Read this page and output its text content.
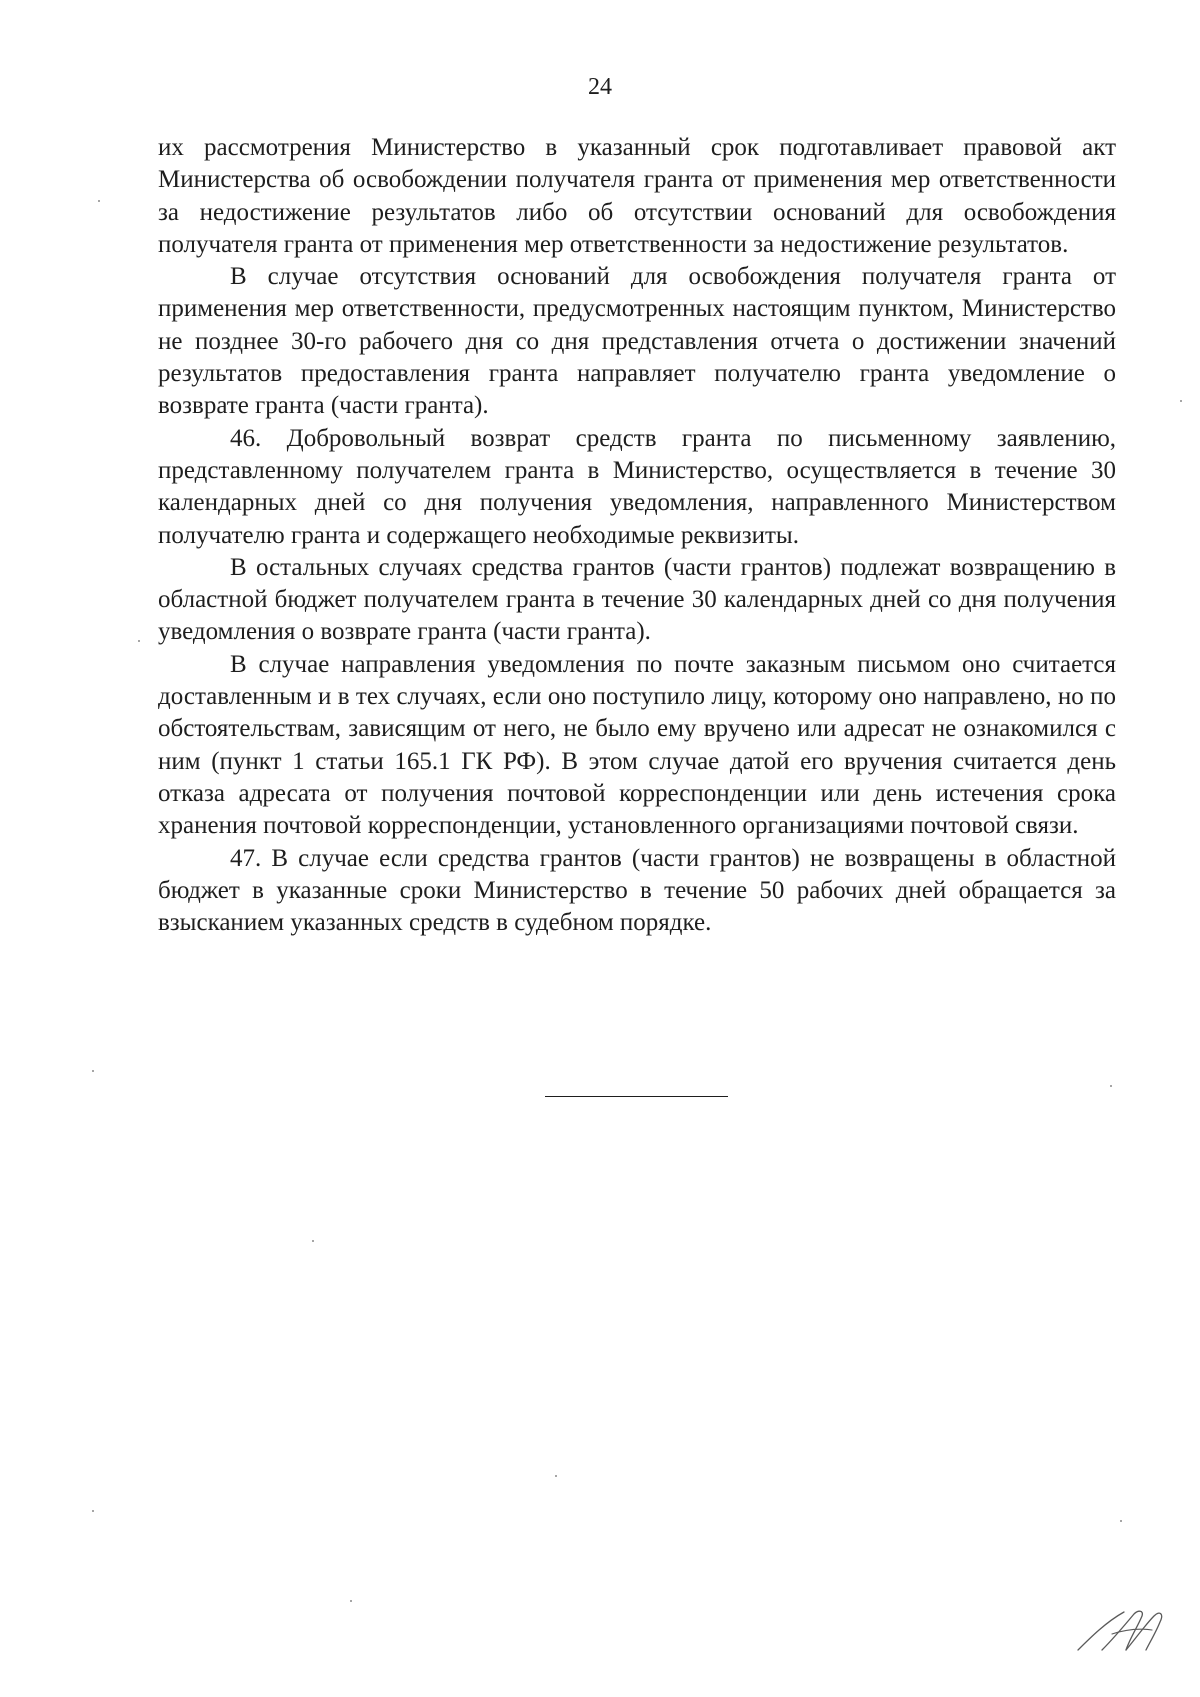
24

их рассмотрения Министерство в указанный срок подготавливает правовой акт Министерства об освобождении получателя гранта от применения мер ответственности за недостижение результатов либо об отсутствии оснований для освобождения получателя гранта от применения мер ответственности за недостижение результатов.

В случае отсутствия оснований для освобождения получателя гранта от применения мер ответственности, предусмотренных настоящим пунктом, Министерство не позднее 30-го рабочего дня со дня представления отчета о достижении значений результатов предоставления гранта направляет получателю гранта уведомление о возврате гранта (части гранта).

46. Добровольный возврат средств гранта по письменному заявлению, представленному получателем гранта в Министерство, осуществляется в течение 30 календарных дней со дня получения уведомления, направленного Министерством получателю гранта и содержащего необходимые реквизиты.

В остальных случаях средства грантов (части грантов) подлежат возвращению в областной бюджет получателем гранта в течение 30 календарных дней со дня получения уведомления о возврате гранта (части гранта).

В случае направления уведомления по почте заказным письмом оно считается доставленным и в тех случаях, если оно поступило лицу, которому оно направлено, но по обстоятельствам, зависящим от него, не было ему вручено или адресат не ознакомился с ним (пункт 1 статьи 165.1 ГК РФ). В этом случае датой его вручения считается день отказа адресата от получения почтовой корреспонденции или день истечения срока хранения почтовой корреспонденции, установленного организациями почтовой связи.

47. В случае если средства грантов (части грантов) не возвращены в областной бюджет в указанные сроки Министерство в течение 50 рабочих дней обращается за взысканием указанных средств в судебном порядке.
